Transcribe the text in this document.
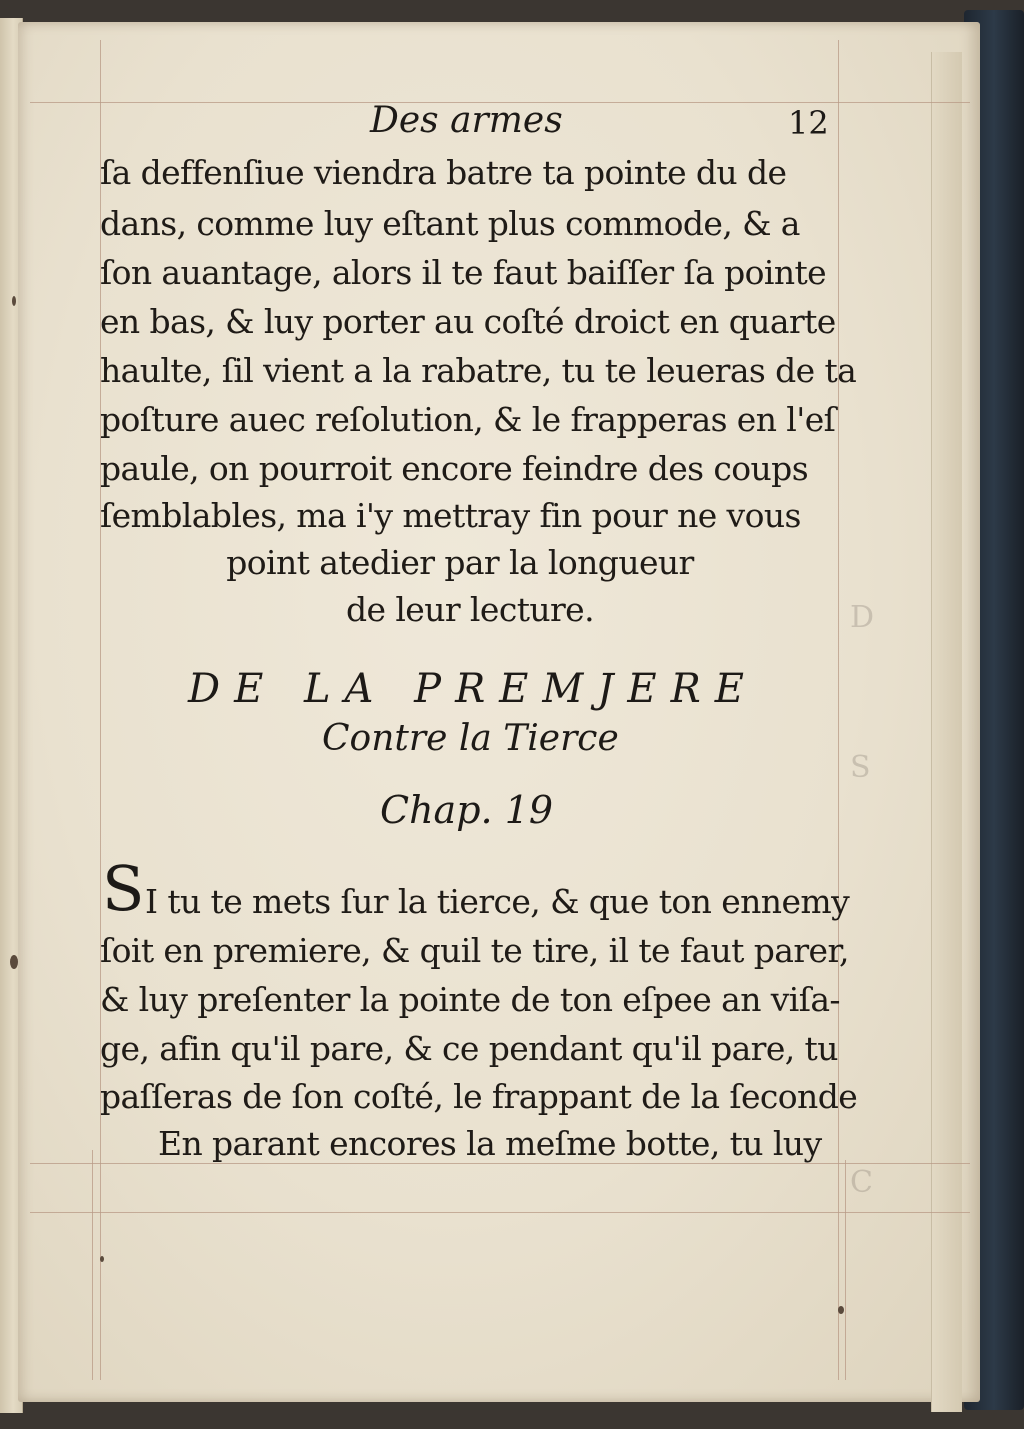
D
S
C
Des armes	12
ſa deffenſiue viendra batre ta pointe du de
dans, comme luy eſtant plus commode, & a
ſon auantage, alors il te faut baiſſer ſa pointe
en bas, & luy porter au coſté droict en quarte
haulte, ſil vient a la rabatre, tu te leueras de ta
poſture auec reſolution, & le frapperas en l'eſ
paule, on pourroit encore feindre des coups
ſemblables, ma i'y mettray fin pour ne vous
point atedier par la longueur
de leur lecture.
DE LA PREMJERE
Contre la Tierce
Chap. 19
S I tu te mets ſur la tierce, & que ton ennemy
ſoit en premiere, & quil te tire, il te faut parer,
& luy preſenter la pointe de ton eſpee an viſa-
ge, afin qu'il pare, & ce pendant qu'il pare, tu
paſſeras de ſon coſté, le frappant de la ſeconde
En parant encores la meſme botte, tu luy
